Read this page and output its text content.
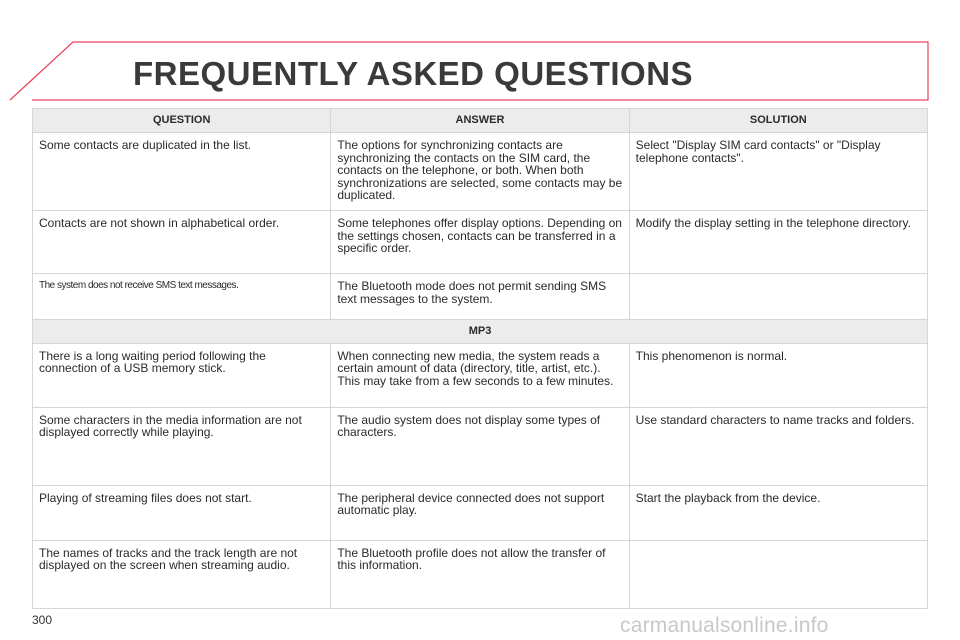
FREQUENTLY ASKED QUESTIONS
QUESTION	ANSWER	SOLUTION
Some contacts are duplicated in the list.	The options for synchronizing contacts are synchronizing the contacts on the SIM card, the contacts on the telephone, or both. When both synchronizations are selected, some contacts may be duplicated.	Select "Display SIM card contacts" or "Display telephone contacts".
Contacts are not shown in alphabetical order.	Some telephones offer display options. Depending on the settings chosen, contacts can be transferred in a specific order.	Modify the display setting in the telephone directory.
The system does not receive SMS text messages.	The Bluetooth mode does not permit sending SMS text messages to the system.	
MP3		
There is a long waiting period following the connection of a USB memory stick.	When connecting new media, the system reads a certain amount of data (directory, title, artist, etc.). This may take from a few seconds to a few minutes.	This phenomenon is normal.
Some characters in the media information are not displayed correctly while playing.	The audio system does not display some types of characters.	Use standard characters to name tracks and folders.
Playing of streaming files does not start.	The peripheral device connected does not support automatic play.	Start the playback from the device.
The names of tracks and the track length are not displayed on the screen when streaming audio.	The Bluetooth profile does not allow the transfer of this information.	
300	carmanualsonline.info
